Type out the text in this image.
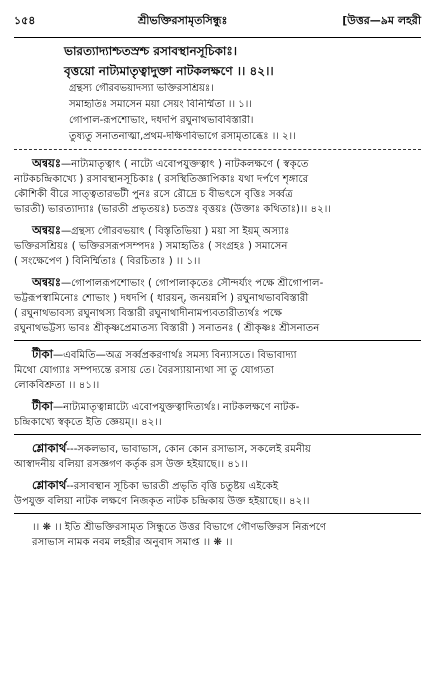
১৫৪	শ্রীভক্তিরসামৃতসিন্ধুঃ	[উত্তর—৯ম লহরী
ভারত্যাদ্যাশ্চতস্রশ্চ রসাবস্থানসূচিকাঃ।
বৃত্তয়ো নাট্যমাতৃত্বাদুক্তা নাটকলক্ষণে ।। ৪২।।
গ্রন্থস্য গৌরবভয়াদস্যা ভক্তিরসশ্রিয়ঃ।
সমাহৃতিঃ সমাসেন ময়া সেয়ং বিনির্ম্মিতা ।। ১।।
গোপাল-রূপশোভাং, দধদপি রঘুনাথভাববিস্তারী।
তুষ্যতু সনাতনাত্মা,প্রথম-দক্ষিণবিভাগে রসামৃতাব্ধেঃ ।। ২।।
অন্বয়ঃ—নাট্যমাতৃত্বাৎ ( নাট্যে এবোপযুক্তত্বাৎ ) নাটকলক্ষণে ( স্বকৃতে
নাটকচন্দ্রিকাখ্যে ) রসাবস্থানসূচিকাঃ ( রসস্থিতিজ্ঞাপিকাঃ যথা দর্পণে শৃঙ্গারে
কৌশিকী বীরে সাত্ত্বতারভটী পুনঃ রসে রৌদ্রে চ বীভৎসে বৃত্তিঃ সর্ব্বত্র
ভারতী) ভারত্যাদ্যাঃ (ভারতী প্রভৃতয়ঃ) চতস্রঃ বৃত্তয়ঃ (উক্তাঃ কথিতাঃ)।। ৪২।।
অন্বয়ঃ—গ্রন্থস্য গৌরবভয়াৎ ( বিস্তৃতিভিয়া ) ময়া সা ইয়ম্ অস্যাঃ
ভক্তিরসশ্রিয়ঃ ( ভক্তিরসরূপসম্পদঃ ) সমাহৃতিঃ ( সংগ্রহঃ ) সমাসেন
( সংক্ষেপেণ ) বিনির্ম্মিতাঃ ( বিরচিতাঃ ) ।। ১।।
অন্বয়ঃ—গোপালরূপশোভাং ( গোপালাকৃতেঃ সৌন্দর্য্যং পক্ষে শ্রীগোপাল-
ভট্টরূপস্বামিনোঃ শোভাং ) দধদপি ( ধারয়ন্, জনয়ন্নপি ) রঘুনাথভাববিস্তারী
( রঘুনাথভাবস্য রঘুনাথস্য বিস্তারী রঘুনাথাদীনামপ্যবতারীত্যর্থঃ পক্ষে
রঘুনাথভট্টস্য ভাবঃ শ্রীকৃষ্ণপ্রেমাতস্য বিস্তারী ) সনাতনঃ ( শ্রীকৃষ্ণঃ শ্রীসনাতন
টীকা—এবমিতি—অত্র সর্ব্বপ্রকরণার্থঃ সমস্য বিন্যাসতে। বিভাবাদ্যা
মিথো যোগ্যাঃ সম্পদ্যন্তে রসায় তে। বৈরস্যায়ান্যথা সা তু যোগ্যতা
লোকবিশ্রুতা ।। ৪১।।
টীকা—নাট্যমাতৃত্বান্নাট্যে এবোপযুক্তত্বাদিত্যর্থঃ। নাটকলক্ষণে নাটক-
চন্দ্রিকাখ্যে স্বকৃতে ইতি জ্ঞেয়ম্।। ৪২।।
শ্লোকার্থ---সকলভাব, ভাবাভাস, কোন কোন রসাভাস, সকলেই রমনীয়
আস্বাদনীয় বলিয়া রসজ্ঞগণ কর্তৃক রস উক্ত হইয়াছে।। ৪১।।
শ্লোকার্থ--রসাবস্থান সূচিকা ভারতী প্রভৃতি বৃত্তি চতুষ্টয় এইকেই
উপযুক্ত বলিয়া নাটক লক্ষণে নিজকৃত নাটক চন্দ্রিকায় উক্ত হইয়াছে।। ৪২।।
।। ❋ ।। ইতি শ্রীভক্তিরসামৃত সিন্ধুতে উত্তর বিভাগে গৌণভক্তিরস নিরূপণে
রসাভাস নামক নবম লহরীর অনুবাদ সমাপ্ত ।। ❋ ।।
